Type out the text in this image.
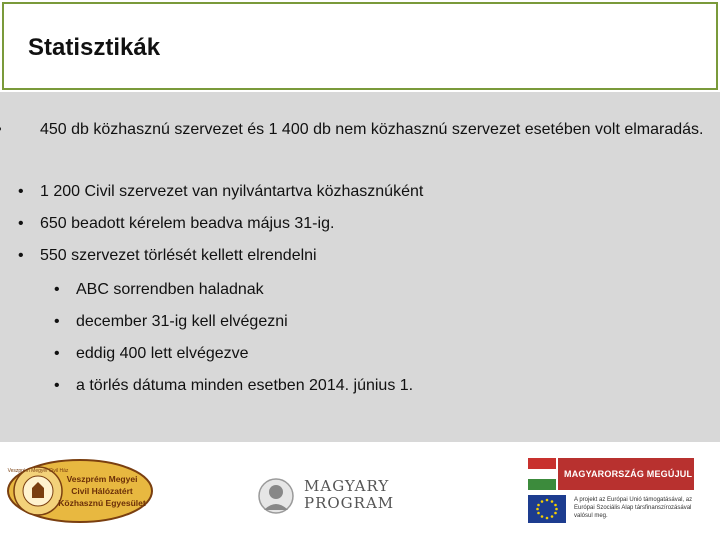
Statisztikák
450 db közhasznú szervezet és 1 400 db nem közhasznú szervezet esetében volt elmaradás.
• 1 200 Civil szervezet van nyilvántartva közhasznúként
• 650 beadott kérelem beadva május 31-ig.
• 550 szervezet törlését kellett elrendelni
• ABC sorrendben haladnak
• december 31-ig kell elvégezni
• eddig 400 lett elvégezve
• a törlés dátuma minden esetben 2014. június 1.
Veszprém Megyei Civil Ház
Veszprém Megyei
Civil Hálózatért
Közhasznú Egyesület
MAGYARY
PROGRAM
MAGYARORSZÁG MEGÚJUL
A projekt az Európai Unió támogatásával, az Európai Szociális Alap társfinanszírozásával valósul meg.
